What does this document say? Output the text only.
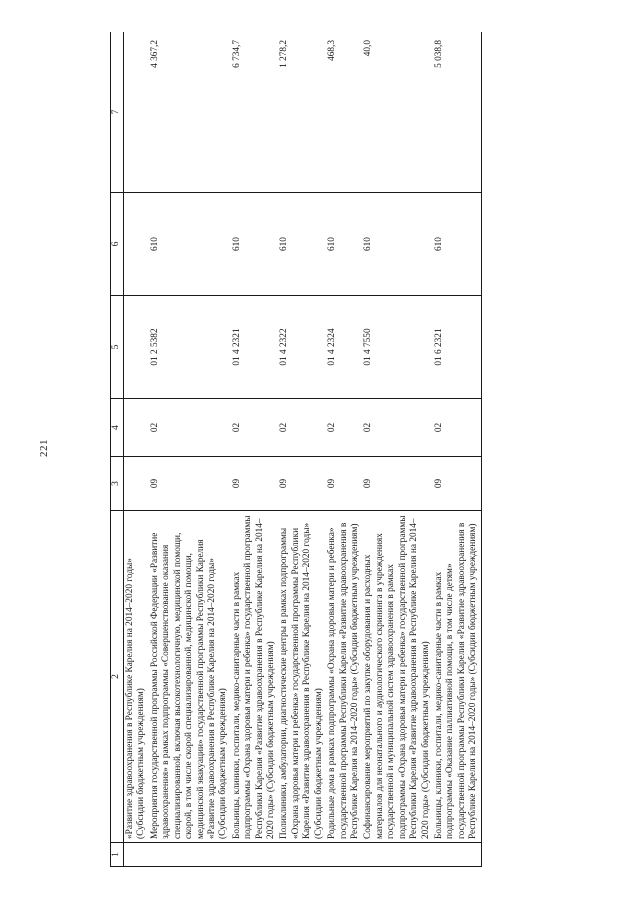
221
1	2	3	4	5	6	7
	«Развитие здравоохранения в Республике Карелия на 2014–2020 годы» (Субсидии бюджетным учреждениям)					
	Мероприятия государственной программы Российской Федерации «Развитие здравоохранения» в рамках подпрограммы «Совершенствование оказания специализированной, включая высокотехнологичную, медицинской помощи, скорой, в том числе скорой специализированной, медицинской помощи, медицинской эвакуации» государственной программы Республики Карелия «Развитие здравоохранения в Республике Карелия на 2014–2020 годы» (Субсидии бюджетным учреждениям)	09	02	01 2 5382	610	4 367,2
	Больницы, клиники, госпитали, медико-санитарные части в рамках подпрограммы «Охрана здоровья матери и ребенка» государственной программы Республики Карелия «Развитие здравоохранения в Республике Карелия на 2014–2020 годы» (Субсидии бюджетным учреждениям)	09	02	01 4 2321	610	6 734,7
	Поликлиники, амбулатории, диагностические центры в рамках подпрограммы «Охрана здоровья матери и ребенка» государственной программы Республики Карелия «Развитие здравоохранения в Республике Карелия на 2014–2020 годы» (Субсидии бюджетным учреждениям)	09	02	01 4 2322	610	1 278,2
	Родильные дома в рамках подпрограммы «Охрана здоровья матери и ребенка» государственной программы Республики Карелия «Развитие здравоохранения в Республике Карелия на 2014–2020 годы» (Субсидии бюджетным учреждениям)	09	02	01 4 2324	610	468,3
	Софинансирование мероприятий по закупке оборудования и расходных материалов для неонатального и аудиологического скрининга в учреждениях государственной и муниципальной систем здравоохранения в рамках подпрограммы «Охрана здоровья матери и ребенка» государственной программы Республики Карелия «Развитие здравоохранения в Республике Карелия на 2014–2020 годы» (Субсидии бюджетным учреждениям)	09	02	01 4 7550	610	40,0
	Больницы, клиники, госпитали, медико-санитарные части в рамках подпрограммы «Оказание паллиативной помощи, в том числе детям» государственной программы Республики Карелия «Развитие здравоохранения в Республике Карелия на 2014–2020 годы» (Субсидии бюджетным учреждениям)	09	02	01 6 2321	610	5 038,8
